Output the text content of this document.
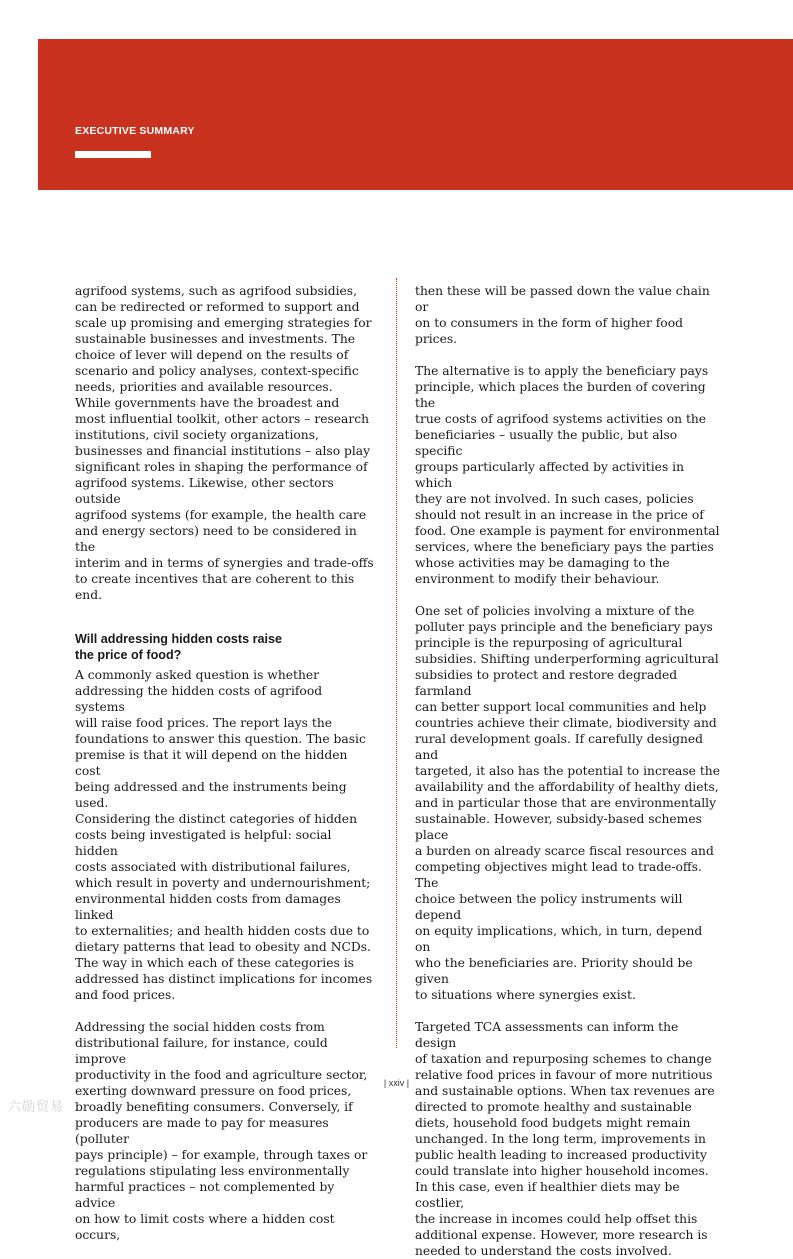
EXECUTIVE SUMMARY

agrifood systems, such as agrifood subsidies,
can be redirected or reformed to support and
scale up promising and emerging strategies for
sustainable businesses and investments. The
choice of lever will depend on the results of
scenario and policy analyses, context-specific
needs, priorities and available resources.
While governments have the broadest and
most influential toolkit, other actors – research
institutions, civil society organizations,
businesses and financial institutions – also play
significant roles in shaping the performance of
agrifood systems. Likewise, other sectors outside
agrifood systems (for example, the health care
and energy sectors) need to be considered in the
interim and in terms of synergies and trade-offs
to create incentives that are coherent to this end.

Will addressing hidden costs raise
the price of food?

A commonly asked question is whether
addressing the hidden costs of agrifood systems
will raise food prices. The report lays the
foundations to answer this question. The basic
premise is that it will depend on the hidden cost
being addressed and the instruments being used.
Considering the distinct categories of hidden
costs being investigated is helpful: social hidden
costs associated with distributional failures,
which result in poverty and undernourishment;
environmental hidden costs from damages linked
to externalities; and health hidden costs due to
dietary patterns that lead to obesity and NCDs.
The way in which each of these categories is
addressed has distinct implications for incomes
and food prices.

Addressing the social hidden costs from
distributional failure, for instance, could improve
productivity in the food and agriculture sector,
exerting downward pressure on food prices,
broadly benefiting consumers. Conversely, if
producers are made to pay for measures (polluter
pays principle) – for example, through taxes or
regulations stipulating less environmentally
harmful practices – not complemented by advice
on how to limit costs where a hidden cost occurs,

then these will be passed down the value chain or
on to consumers in the form of higher food prices.

The alternative is to apply the beneficiary pays
principle, which places the burden of covering the
true costs of agrifood systems activities on the
beneficiaries – usually the public, but also specific
groups particularly affected by activities in which
they are not involved. In such cases, policies
should not result in an increase in the price of
food. One example is payment for environmental
services, where the beneficiary pays the parties
whose activities may be damaging to the
environment to modify their behaviour.

One set of policies involving a mixture of the
polluter pays principle and the beneficiary pays
principle is the repurposing of agricultural
subsidies. Shifting underperforming agricultural
subsidies to protect and restore degraded farmland
can better support local communities and help
countries achieve their climate, biodiversity and
rural development goals. If carefully designed and
targeted, it also has the potential to increase the
availability and the affordability of healthy diets,
and in particular those that are environmentally
sustainable. However, subsidy-based schemes place
a burden on already scarce fiscal resources and
competing objectives might lead to trade-offs. The
choice between the policy instruments will depend
on equity implications, which, in turn, depend on
who the beneficiaries are. Priority should be given
to situations where synergies exist.

Targeted TCA assessments can inform the design
of taxation and repurposing schemes to change
relative food prices in favour of more nutritious
and sustainable options. When tax revenues are
directed to promote healthy and sustainable
diets, household food budgets might remain
unchanged. In the long term, improvements in
public health leading to increased productivity
could translate into higher household incomes.
In this case, even if healthier diets may be costlier,
the increase in incomes could help offset this
additional expense. However, more research is
needed to understand the costs involved.

| xxiv |
六勋贸易
